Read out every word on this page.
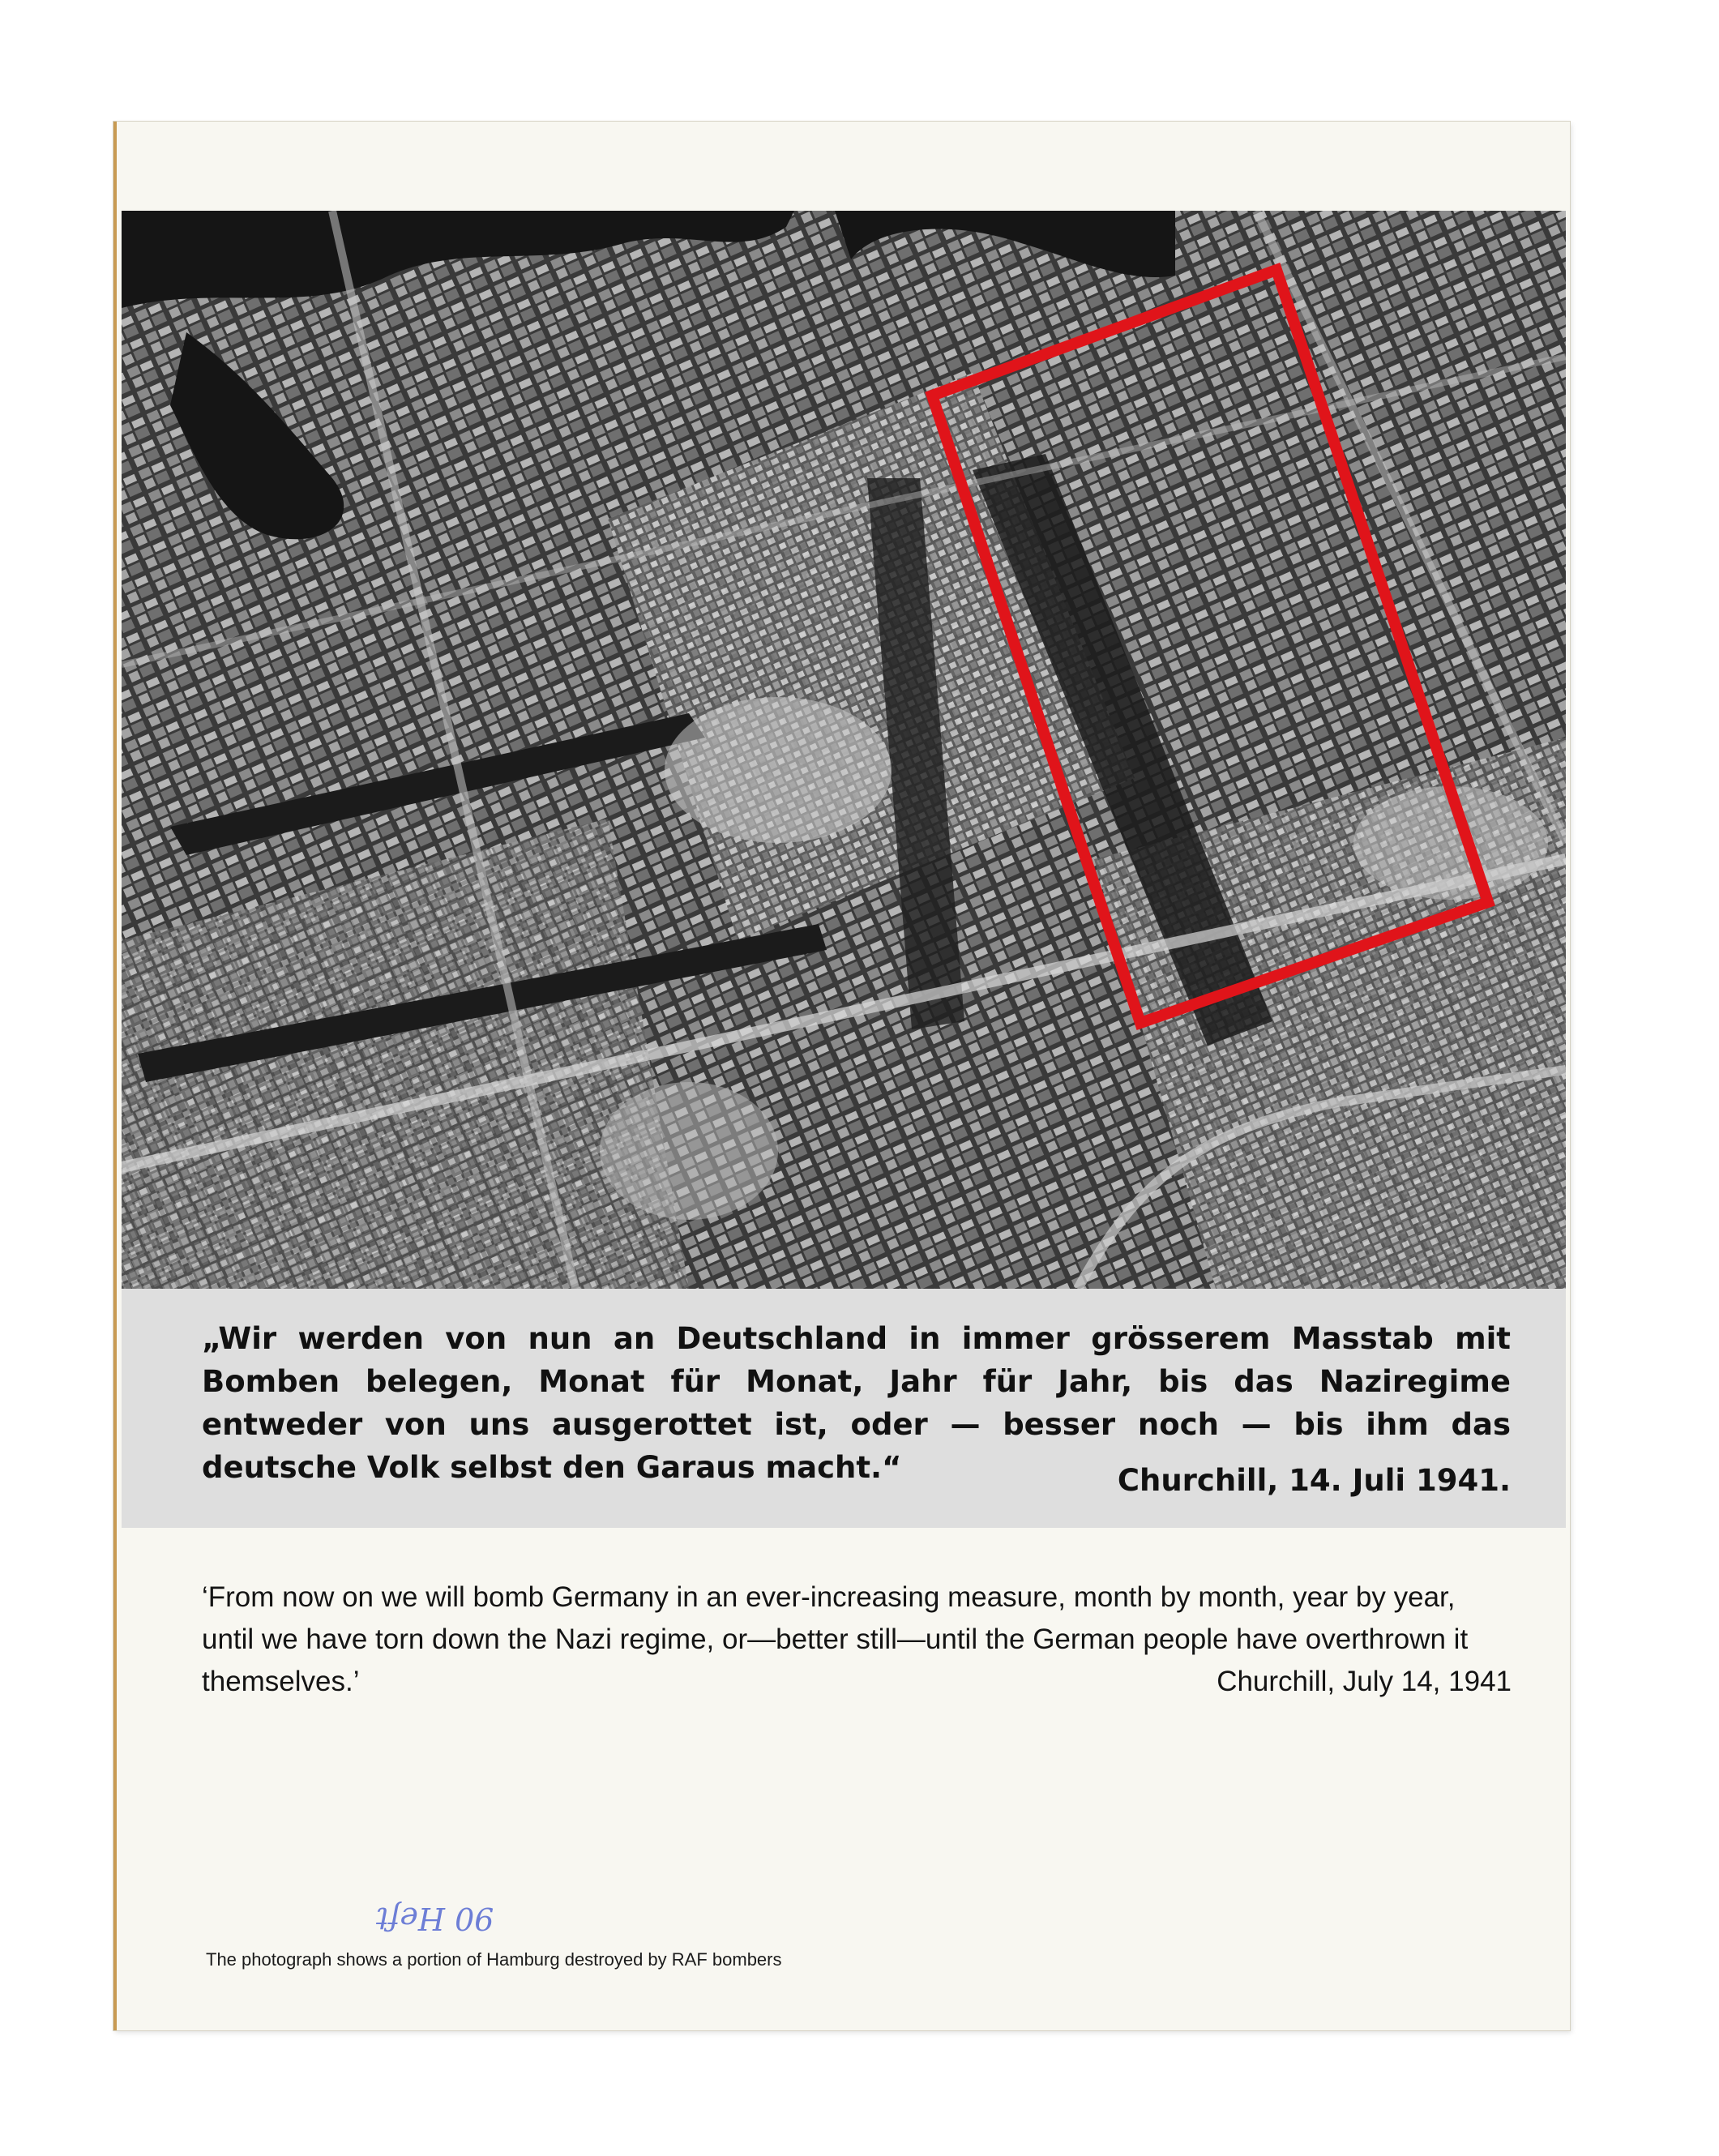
„Wir werden von nun an Deutschland in immer grösserem Masstab mit Bomben belegen, Monat für Monat, Jahr für Jahr, bis das Naziregime entweder von uns ausgerottet ist, oder — besser noch — bis ihm das deutsche Volk selbst den Garaus macht.“	Churchill, 14. Juli 1941.
‘From now on we will bomb Germany in an ever-increasing measure, month by month, year by year, until we have torn down the Nazi regime, or—better still—until the German people have overthrown it themselves.’	Churchill, July 14, 1941
90 Heft
The photograph shows a portion of Hamburg destroyed by RAF bombers
